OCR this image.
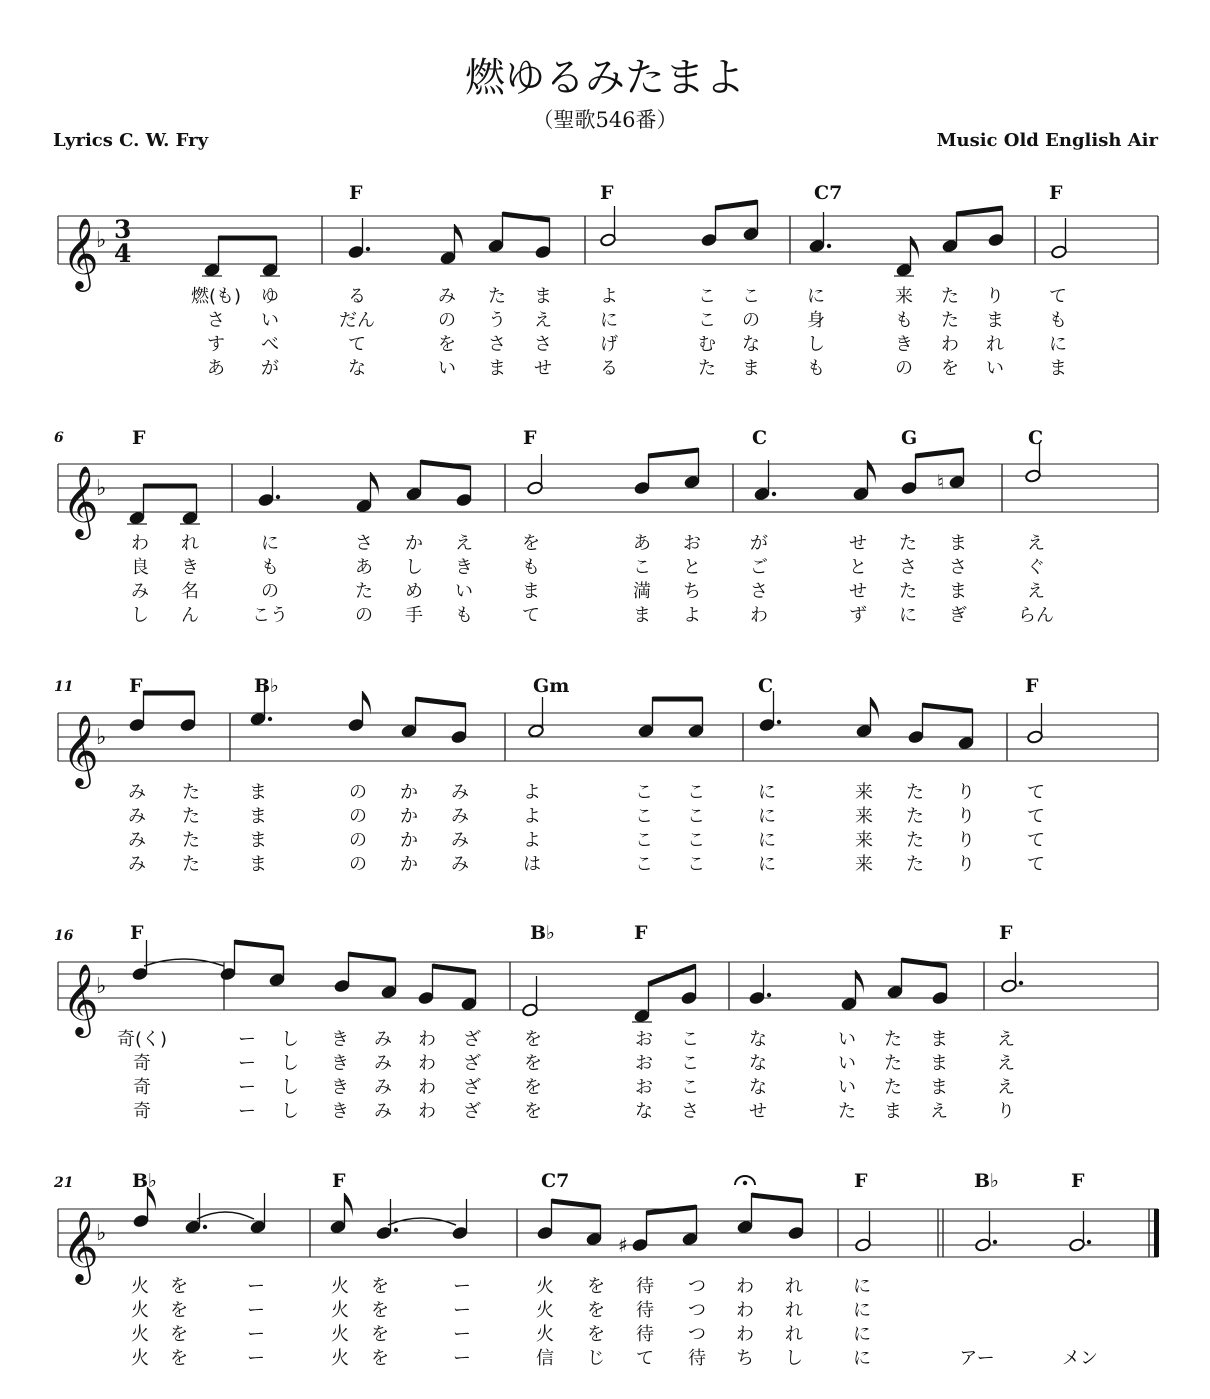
燃ゆるみたまよ
（聖歌546番）
Lyrics C. W. Fry	Music Old English Air
F	F	C7	F
燃(も) ゆ	る	み た ま	よ	こ こ	に	来 た り	て
さ い	だん	の う え	に	こ の	身	も た ま	も
す べ	て	を さ さ	げ	む な	し	き わ れ	に
あ が	な	い ま せ	る	た ま	も	の を い	ま
F	F	C	G	C
6
わ れ	に	さ か え	を	あ お	が	せ た ま	え
良 き	も	あ し き	も	こ と	ご	と さ さ	ぐ
み 名	の	た め い	ま	満 ち	さ	せ た ま	え
し ん	こう	の 手 も	て	ま よ	わ	ず に ぎ	らん
F	B♭	Gm	C	F
11
み た	ま	の か み	よ	こ こ	に	来 た り	て
み た	ま	の か み	よ	こ こ	に	来 た り	て
み た	ま	の か み	よ	こ こ	に	来 た り	て
み た	ま	の か み	は	こ こ	に	来 た り	て
F	B♭	F	F
16
奇(く)	ー し き み わ ざ を	お こ	な	い た ま	え
奇	ー し き み わ ざ を	お こ	な	い た ま	え
奇	ー し き み わ ざ を	お こ	な	い た ま	え
奇	ー し き み わ ざ を	な さ	せ	た ま え	り
B♭	F	C7	F	B♭	F
21
火 を	ー	火 を	ー	火 を 待 つ わ れ	に
火 を	ー	火 を	ー	火 を 待 つ わ れ	に
火 を	ー	火 を	ー	火 を 待 つ わ れ	に
火 を	ー	火 を	ー	信 じ て 待 ち し	に	アー	メン
𝄞
♭ 3
4
𝄞
♭	♮
𝄞
♭
𝄞
♭
𝄞
♭	♯
